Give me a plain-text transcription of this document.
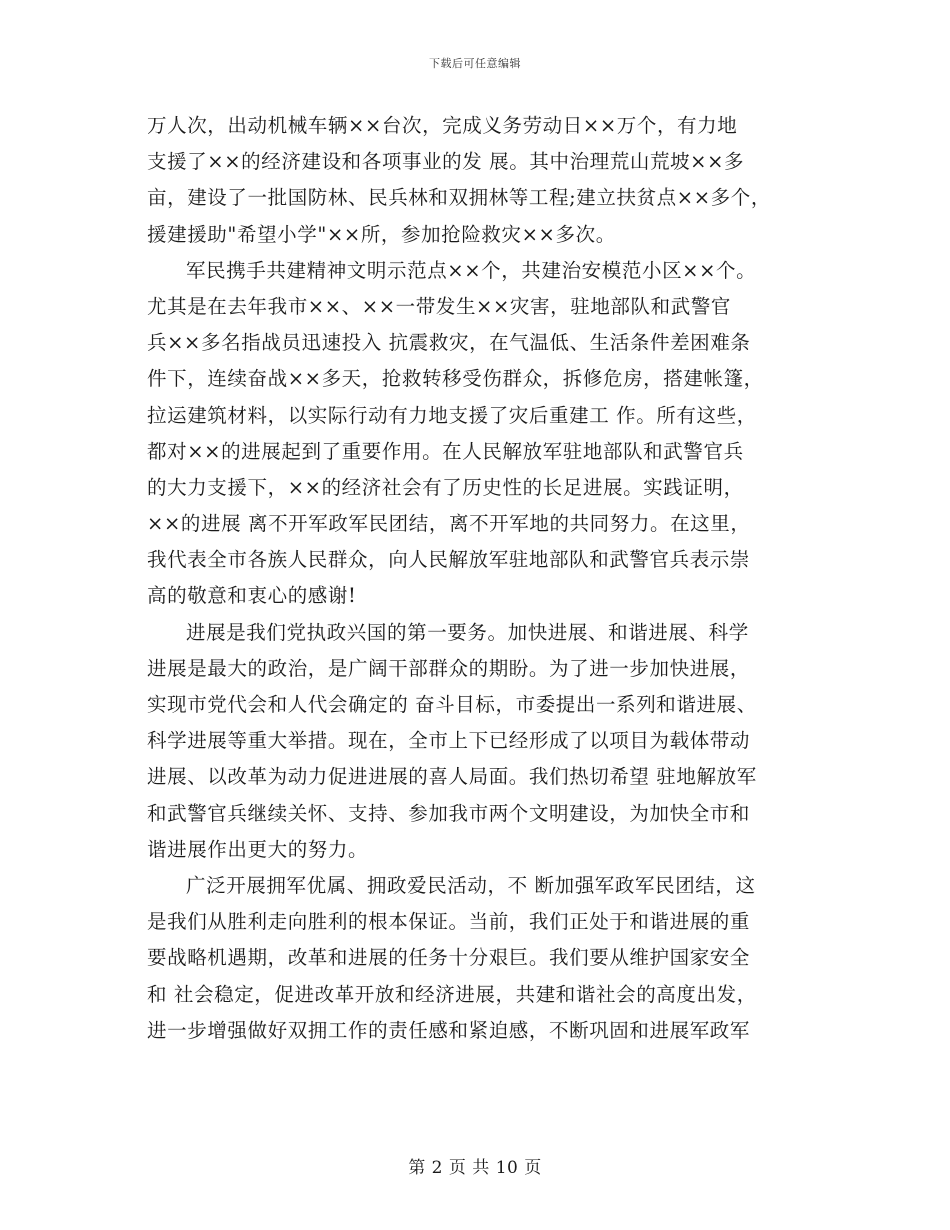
下载后可任意编辑
万人次，出动机械车辆××台次，完成义务劳动日××万个，有力地
支援了××的经济建设和各项事业的发 展。其中治理荒山荒坡××多
亩，建设了一批国防林、民兵林和双拥林等工程;建立扶贫点××多个，
援建援助"希望小学"××所，参加抢险救灾××多次。
军民携手共建精神文明示范点××个，共建治安模范小区××个。
尤其是在去年我市××、××一带发生××灾害，驻地部队和武警官
兵××多名指战员迅速投入 抗震救灾，在气温低、生活条件差困难条
件下，连续奋战××多天，抢救转移受伤群众，拆修危房，搭建帐篷，
拉运建筑材料，以实际行动有力地支援了灾后重建工 作。所有这些，
都对××的进展起到了重要作用。在人民解放军驻地部队和武警官兵
的大力支援下，××的经济社会有了历史性的长足进展。实践证明，
××的进展 离不开军政军民团结，离不开军地的共同努力。在这里，
我代表全市各族人民群众，向人民解放军驻地部队和武警官兵表示崇
高的敬意和衷心的感谢!
进展是我们党执政兴国的第一要务。加快进展、和谐进展、科学
进展是最大的政治，是广阔干部群众的期盼。为了进一步加快进展，
实现市党代会和人代会确定的 奋斗目标，市委提出一系列和谐进展、
科学进展等重大举措。现在，全市上下已经形成了以项目为载体带动
进展、以改革为动力促进进展的喜人局面。我们热切希望 驻地解放军
和武警官兵继续关怀、支持、参加我市两个文明建设，为加快全市和
谐进展作出更大的努力。
广泛开展拥军优属、拥政爱民活动，不 断加强军政军民团结，这
是我们从胜利走向胜利的根本保证。当前，我们正处于和谐进展的重
要战略机遇期，改革和进展的任务十分艰巨。我们要从维护国家安全
和 社会稳定，促进改革开放和经济进展，共建和谐社会的高度出发，
进一步增强做好双拥工作的责任感和紧迫感，不断巩固和进展军政军
第 2 页 共 10 页
